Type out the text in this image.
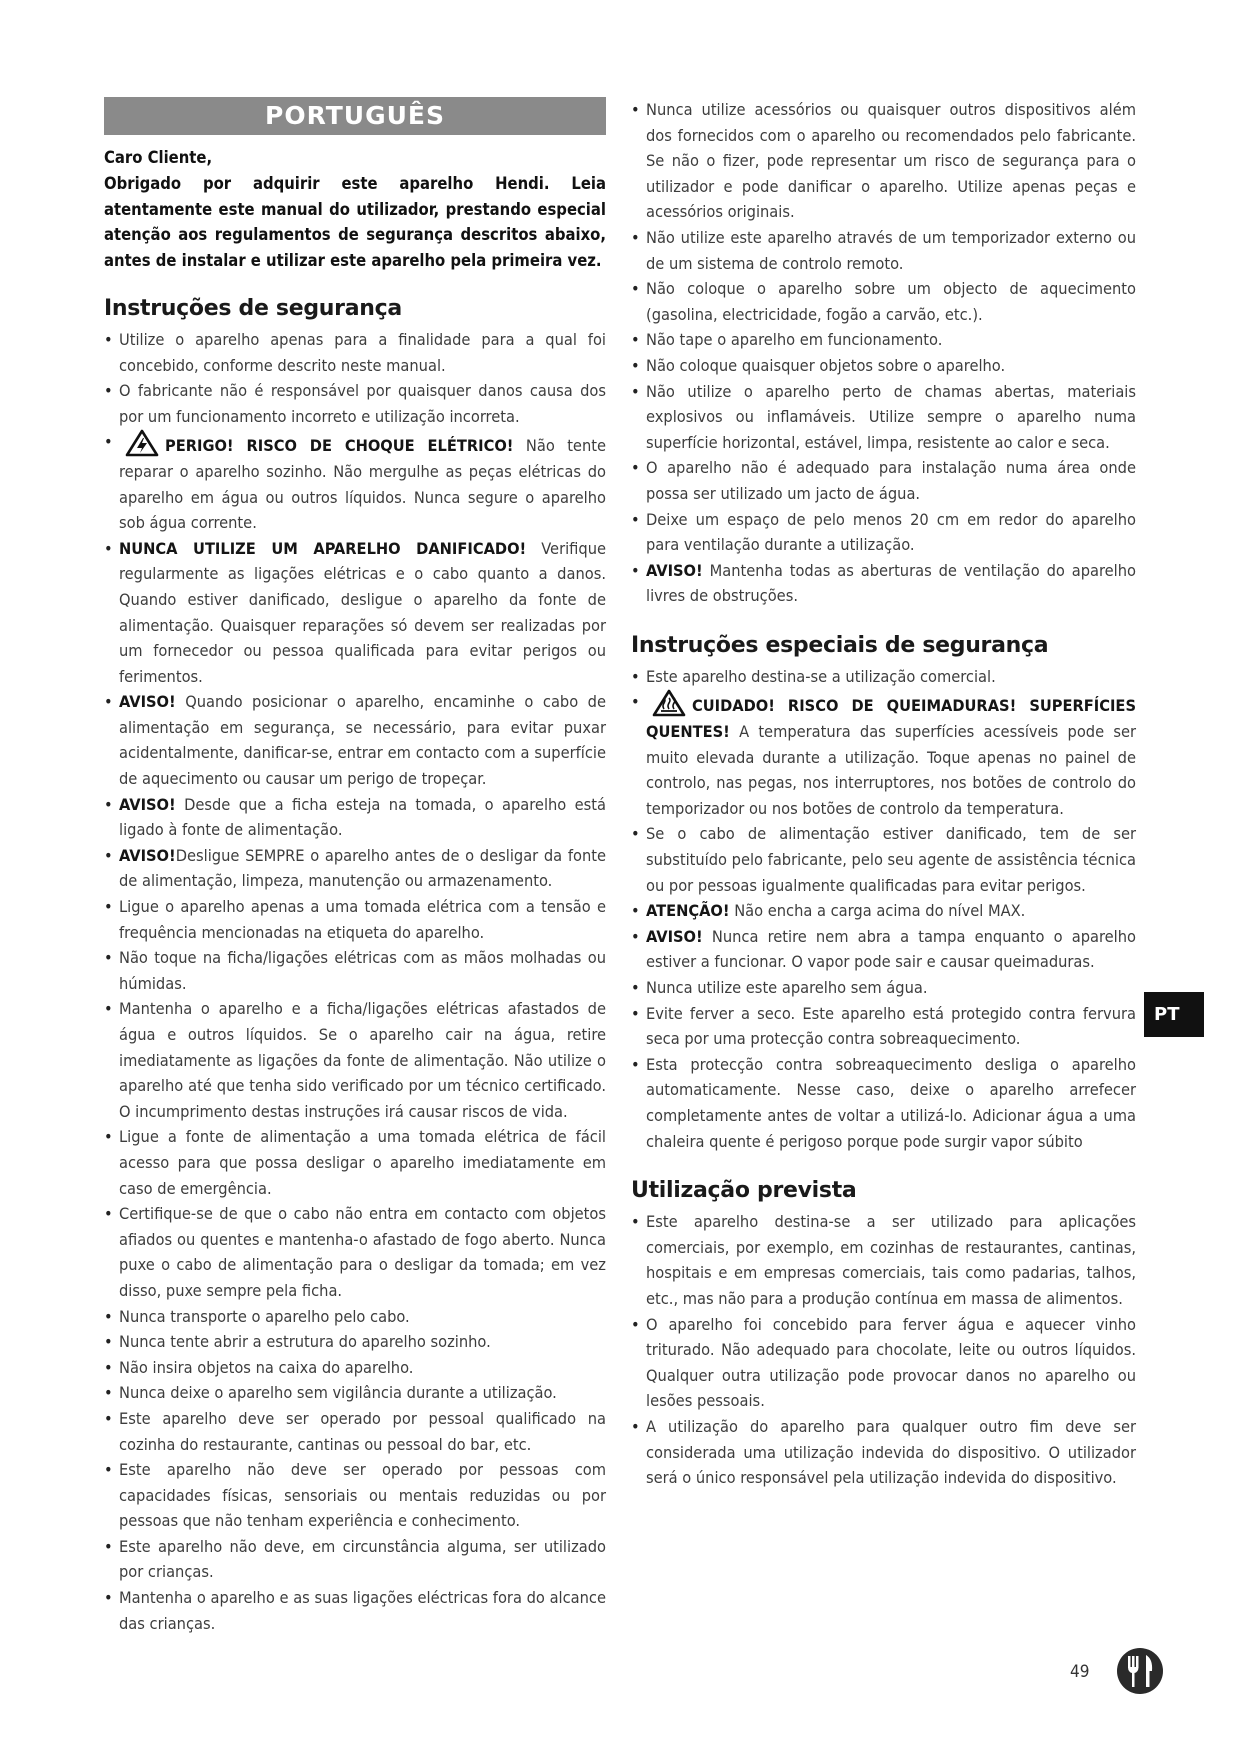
PORTUGUÊS

Caro Cliente,

Obrigado por adquirir este aparelho Hendi. Leia atentamente este manual do utilizador, prestando especial atenção aos regulamentos de segurança descritos abaixo, antes de instalar e utilizar este aparelho pela primeira vez.

Instruções de segurança
• Utilize o aparelho apenas para a finalidade para a qual foi concebido, conforme descrito neste manual.
• O fabricante não é responsável por quaisquer danos causa dos por um funcionamento incorreto e utilização incorreta.
• PERIGO! RISCO DE CHOQUE ELÉTRICO! Não tente reparar o aparelho sozinho. Não mergulhe as peças elétricas do aparelho em água ou outros líquidos. Nunca segure o aparelho sob água corrente.
• NUNCA UTILIZE UM APARELHO DANIFICADO! Verifique regularmente as ligações elétricas e o cabo quanto a danos. Quando estiver danificado, desligue o aparelho da fonte de alimentação. Quaisquer reparações só devem ser realizadas por um fornecedor ou pessoa qualificada para evitar perigos ou ferimentos.
• AVISO! Quando posicionar o aparelho, encaminhe o cabo de alimentação em segurança, se necessário, para evitar puxar acidentalmente, danificar-se, entrar em contacto com a superfície de aquecimento ou causar um perigo de tropeçar.
• AVISO! Desde que a ficha esteja na tomada, o aparelho está ligado à fonte de alimentação.
• AVISO!Desligue SEMPRE o aparelho antes de o desligar da fonte de alimentação, limpeza, manutenção ou armazenamento.
• Ligue o aparelho apenas a uma tomada elétrica com a tensão e frequência mencionadas na etiqueta do aparelho.
• Não toque na ficha/ligações elétricas com as mãos molhadas ou húmidas.
• Mantenha o aparelho e a ficha/ligações elétricas afastados de água e outros líquidos. Se o aparelho cair na água, retire imediatamente as ligações da fonte de alimentação. Não utilize o aparelho até que tenha sido verificado por um técnico certificado. O incumprimento destas instruções irá causar riscos de vida.
• Ligue a fonte de alimentação a uma tomada elétrica de fácil acesso para que possa desligar o aparelho imediatamente em caso de emergência.
• Certifique-se de que o cabo não entra em contacto com objetos afiados ou quentes e mantenha-o afastado de fogo aberto. Nunca puxe o cabo de alimentação para o desligar da tomada; em vez disso, puxe sempre pela ficha.
• Nunca transporte o aparelho pelo cabo.
• Nunca tente abrir a estrutura do aparelho sozinho.
• Não insira objetos na caixa do aparelho.
• Nunca deixe o aparelho sem vigilância durante a utilização.
• Este aparelho deve ser operado por pessoal qualificado na cozinha do restaurante, cantinas ou pessoal do bar, etc.
• Este aparelho não deve ser operado por pessoas com capacidades físicas, sensoriais ou mentais reduzidas ou por pessoas que não tenham experiência e conhecimento.
• Este aparelho não deve, em circunstância alguma, ser utilizado por crianças.
• Mantenha o aparelho e as suas ligações eléctricas fora do alcance das crianças.
• Nunca utilize acessórios ou quaisquer outros dispositivos além dos fornecidos com o aparelho ou recomendados pelo fabricante. Se não o fizer, pode representar um risco de segurança para o utilizador e pode danificar o aparelho. Utilize apenas peças e acessórios originais.
• Não utilize este aparelho através de um temporizador externo ou de um sistema de controlo remoto.
• Não coloque o aparelho sobre um objecto de aquecimento (gasolina, electricidade, fogão a carvão, etc.).
• Não tape o aparelho em funcionamento.
• Não coloque quaisquer objetos sobre o aparelho.
• Não utilize o aparelho perto de chamas abertas, materiais explosivos ou inflamáveis. Utilize sempre o aparelho numa superfície horizontal, estável, limpa, resistente ao calor e seca.
• O aparelho não é adequado para instalação numa área onde possa ser utilizado um jacto de água.
• Deixe um espaço de pelo menos 20 cm em redor do aparelho para ventilação durante a utilização.
• AVISO! Mantenha todas as aberturas de ventilação do aparelho livres de obstruções.
Instruções especiais de segurança
• Este aparelho destina-se a utilização comercial.
• CUIDADO! RISCO DE QUEIMADURAS! SUPERFÍCIES QUENTES! A temperatura das superfícies acessíveis pode ser muito elevada durante a utilização. Toque apenas no painel de controlo, nas pegas, nos interruptores, nos botões de controlo do temporizador ou nos botões de controlo da temperatura.
• Se o cabo de alimentação estiver danificado, tem de ser substituído pelo fabricante, pelo seu agente de assistência técnica ou por pessoas igualmente qualificadas para evitar perigos.
• ATENÇÃO! Não encha a carga acima do nível MAX.
• AVISO! Nunca retire nem abra a tampa enquanto o aparelho estiver a funcionar. O vapor pode sair e causar queimaduras.
• Nunca utilize este aparelho sem água.
• Evite ferver a seco. Este aparelho está protegido contra fervura seca por uma protecção contra sobreaquecimento.
• Esta protecção contra sobreaquecimento desliga o aparelho automaticamente. Nesse caso, deixe o aparelho arrefecer completamente antes de voltar a utilizá-lo. Adicionar água a uma chaleira quente é perigoso porque pode surgir vapor súbito
Utilização prevista
• Este aparelho destina-se a ser utilizado para aplicações comerciais, por exemplo, em cozinhas de restaurantes, cantinas, hospitais e em empresas comerciais, tais como padarias, talhos, etc., mas não para a produção contínua em massa de alimentos.
• O aparelho foi concebido para ferver água e aquecer vinho triturado. Não adequado para chocolate, leite ou outros líquidos. Qualquer outra utilização pode provocar danos no aparelho ou lesões pessoais.
• A utilização do aparelho para qualquer outro fim deve ser considerada uma utilização indevida do dispositivo. O utilizador será o único responsável pela utilização indevida do dispositivo.
PT
49
